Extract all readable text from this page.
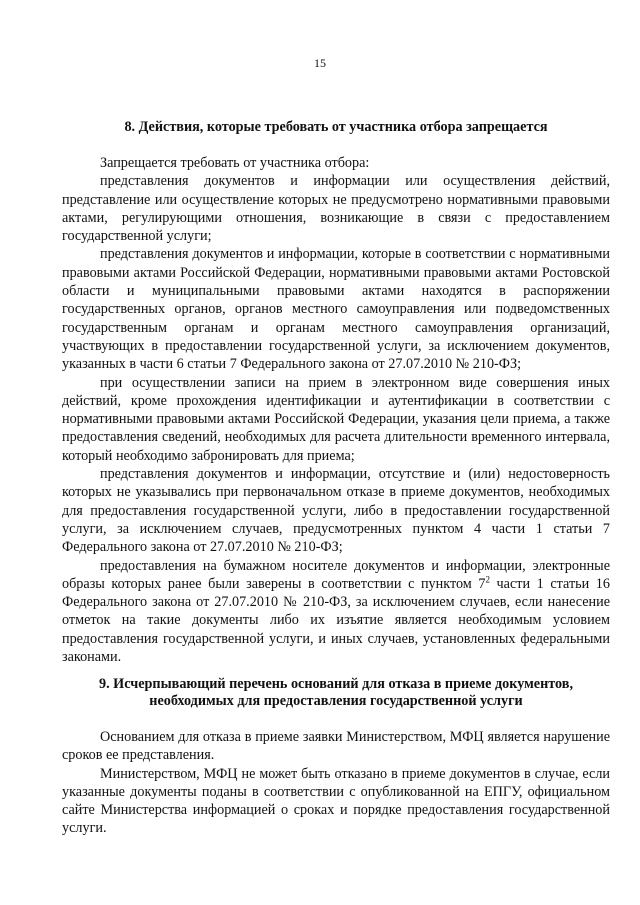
15

8. Действия, которые требовать от участника отбора запрещается

Запрещается требовать от участника отбора:

представления документов и информации или осуществления действий, представление или осуществление которых не предусмотрено нормативными правовыми актами, регулирующими отношения, возникающие в связи с предоставлением государственной услуги;

представления документов и информации, которые в соответствии с нормативными правовыми актами Российской Федерации, нормативными правовыми актами Ростовской области и муниципальными правовыми актами находятся в распоряжении государственных органов, органов местного самоуправления или подведомственных государственным органам и органам местного самоуправления организаций, участвующих в предоставлении государственной услуги, за исключением документов, указанных в части 6 статьи 7 Федерального закона от 27.07.2010 № 210-ФЗ;

при осуществлении записи на прием в электронном виде совершения иных действий, кроме прохождения идентификации и аутентификации в соответствии с нормативными правовыми актами Российской Федерации, указания цели приема, а также предоставления сведений, необходимых для расчета длительности временного интервала, который необходимо забронировать для приема;

представления документов и информации, отсутствие и (или) недостоверность которых не указывались при первоначальном отказе в приеме документов, необходимых для предоставления государственной услуги, либо в предоставлении государственной услуги, за исключением случаев, предусмотренных пунктом 4 части 1 статьи 7 Федерального закона от 27.07.2010 № 210-ФЗ;

предоставления на бумажном носителе документов и информации, электронные образы которых ранее были заверены в соответствии с пунктом $7^2$ части 1 статьи 16 Федерального закона от 27.07.2010 № 210-ФЗ, за исключением случаев, если нанесение отметок на такие документы либо их изъятие является необходимым условием предоставления государственной услуги, и иных случаев, установленных федеральными законами.

9. Исчерпывающий перечень оснований для отказа в приеме документов,
необходимых для предоставления государственной услуги

Основанием для отказа в приеме заявки Министерством, МФЦ является нарушение сроков ее представления.

Министерством, МФЦ не может быть отказано в приеме документов в случае, если указанные документы поданы в соответствии с опубликованной на ЕПГУ, официальном сайте Министерства информацией о сроках и порядке предоставления государственной услуги.
